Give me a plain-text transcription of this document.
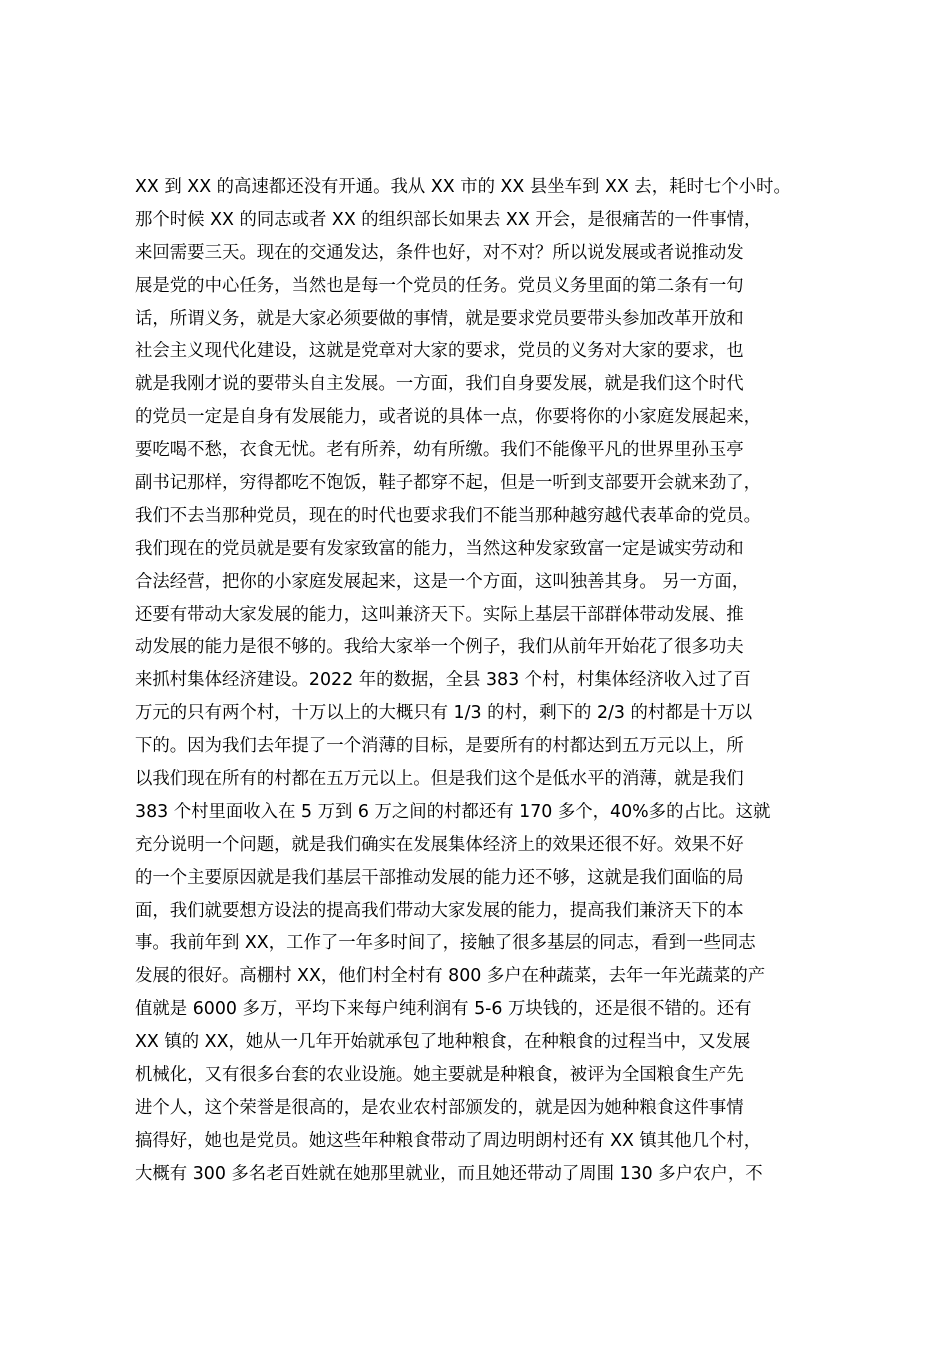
XX 到 XX 的高速都还没有开通。我从 XX 市的 XX 县坐车到 XX 去，耗时七个小时。
那个时候 XX 的同志或者 XX 的组织部长如果去 XX 开会，是很痛苦的一件事情，
来回需要三天。现在的交通发达，条件也好，对不对？所以说发展或者说推动发
展是党的中心任务，当然也是每一个党员的任务。党员义务里面的第二条有一句
话，所谓义务，就是大家必须要做的事情，就是要求党员要带头参加改革开放和
社会主义现代化建设，这就是党章对大家的要求，党员的义务对大家的要求，也
就是我刚才说的要带头自主发展。一方面，我们自身要发展，就是我们这个时代
的党员一定是自身有发展能力，或者说的具体一点，你要将你的小家庭发展起来，
要吃喝不愁，衣食无忧。老有所养，幼有所缴。我们不能像平凡的世界里孙玉亭
副书记那样，穷得都吃不饱饭，鞋子都穿不起，但是一听到支部要开会就来劲了，
我们不去当那种党员，现在的时代也要求我们不能当那种越穷越代表革命的党员。
我们现在的党员就是要有发家致富的能力，当然这种发家致富一定是诚实劳动和
合法经营，把你的小家庭发展起来，这是一个方面，这叫独善其身。 另一方面，
还要有带动大家发展的能力，这叫兼济天下。实际上基层干部群体带动发展、推
动发展的能力是很不够的。我给大家举一个例子，我们从前年开始花了很多功夫
来抓村集体经济建设。2022 年的数据，全县 383 个村，村集体经济收入过了百
万元的只有两个村，十万以上的大概只有 1/3 的村，剩下的 2/3 的村都是十万以
下的。因为我们去年提了一个消薄的目标，是要所有的村都达到五万元以上，所
以我们现在所有的村都在五万元以上。但是我们这个是低水平的消薄，就是我们
383 个村里面收入在 5 万到 6 万之间的村都还有 170 多个，40%多的占比。这就
充分说明一个问题，就是我们确实在发展集体经济上的效果还很不好。效果不好
的一个主要原因就是我们基层干部推动发展的能力还不够，这就是我们面临的局
面，我们就要想方设法的提高我们带动大家发展的能力，提高我们兼济天下的本
事。我前年到 XX，工作了一年多时间了，接触了很多基层的同志，看到一些同志
发展的很好。高棚村 XX，他们村全村有 800 多户在种蔬菜，去年一年光蔬菜的产
值就是 6000 多万，平均下来每户纯利润有 5-6 万块钱的，还是很不错的。还有
XX 镇的 XX，她从一几年开始就承包了地种粮食，在种粮食的过程当中，又发展
机械化，又有很多台套的农业设施。她主要就是种粮食，被评为全国粮食生产先
进个人，这个荣誉是很高的，是农业农村部颁发的，就是因为她种粮食这件事情
搞得好，她也是党员。她这些年种粮食带动了周边明朗村还有 XX 镇其他几个村，
大概有 300 多名老百姓就在她那里就业，而且她还带动了周围 130 多户农户，不
